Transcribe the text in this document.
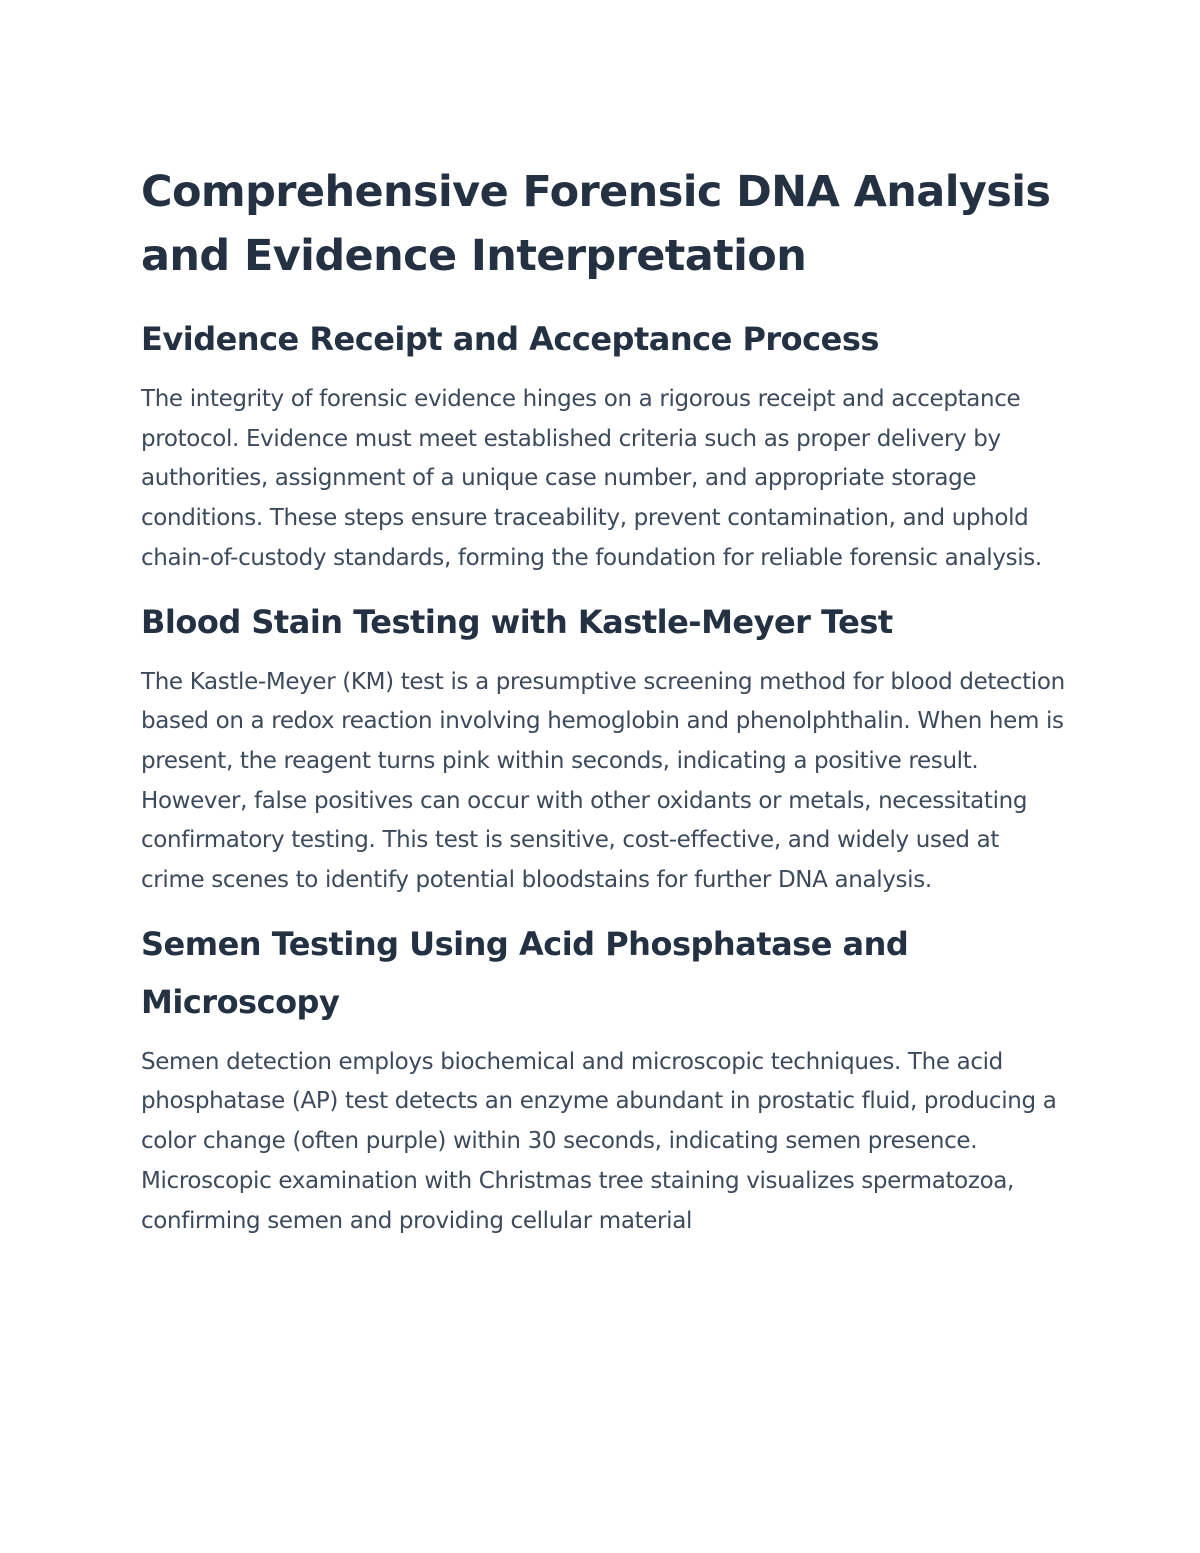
Comprehensive Forensic DNA Analysis and Evidence Interpretation
Evidence Receipt and Acceptance Process

The integrity of forensic evidence hinges on a rigorous receipt and acceptance protocol. Evidence must meet established criteria such as proper delivery by authorities, assignment of a unique case number, and appropriate storage conditions. These steps ensure traceability, prevent contamination, and uphold chain-of-custody standards, forming the foundation for reliable forensic analysis.

Blood Stain Testing with Kastle-Meyer Test

The Kastle-Meyer (KM) test is a presumptive screening method for blood detection based on a redox reaction involving hemoglobin and phenolphthalin. When hem is present, the reagent turns pink within seconds, indicating a positive result. However, false positives can occur with other oxidants or metals, necessitating confirmatory testing. This test is sensitive, cost-effective, and widely used at crime scenes to identify potential bloodstains for further DNA analysis.

Semen Testing Using Acid Phosphatase and Microscopy

Semen detection employs biochemical and microscopic techniques. The acid phosphatase (AP) test detects an enzyme abundant in prostatic fluid, producing a color change (often purple) within 30 seconds, indicating semen presence. Microscopic examination with Christmas tree staining visualizes spermatozoa, confirming semen and providing cellular material
